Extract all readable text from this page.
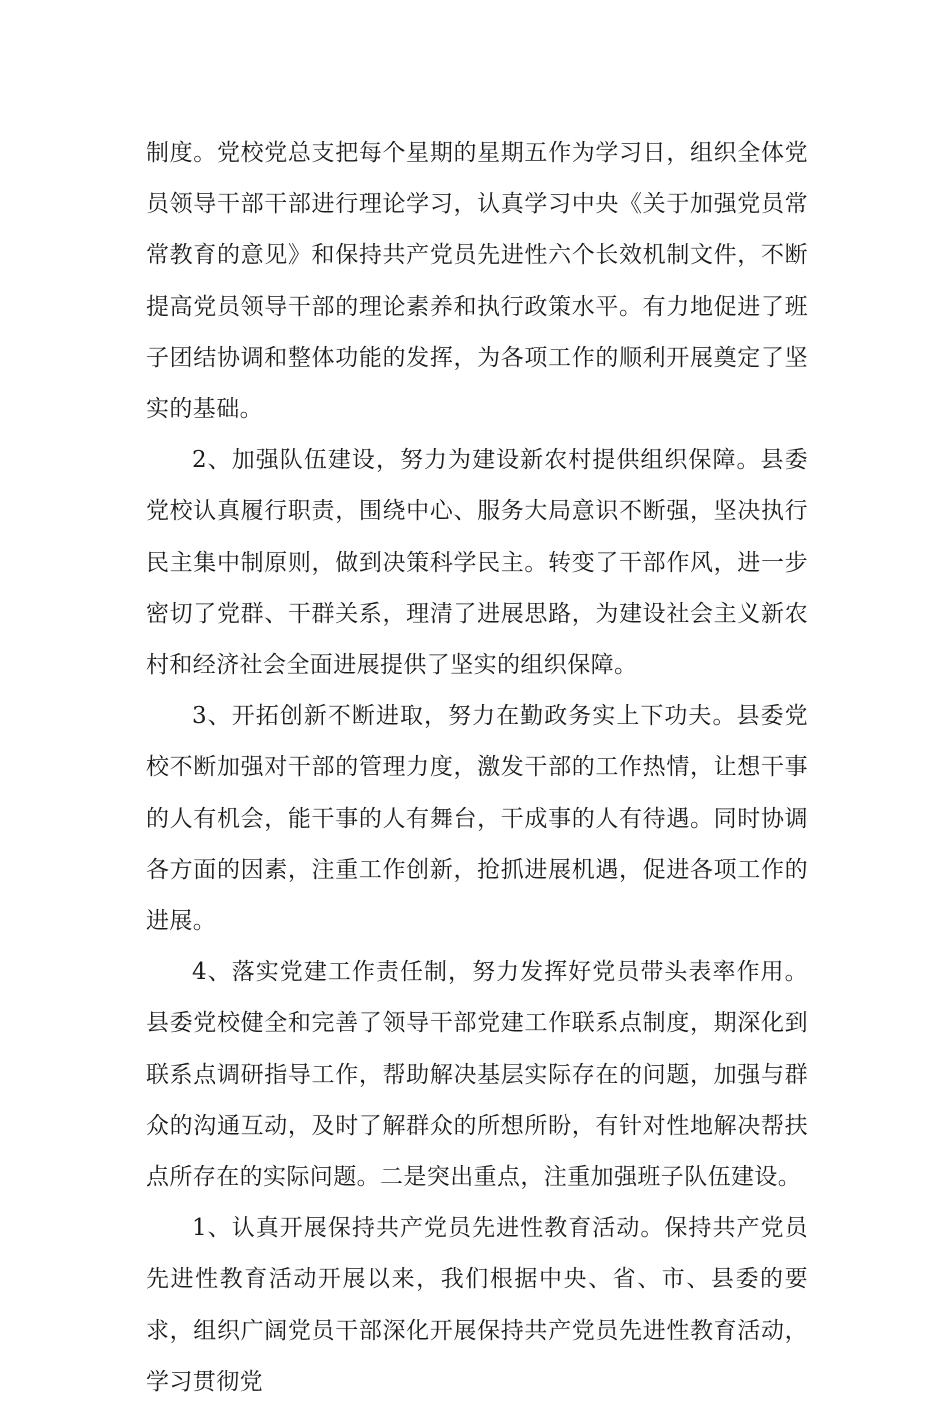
制度。党校党总支把每个星期的星期五作为学习日，组织全体党员领导干部干部进行理论学习，认真学习中央《关于加强党员常常教育的意见》和保持共产党员先进性六个长效机制文件，不断提高党员领导干部的理论素养和执行政策水平。有力地促进了班子团结协调和整体功能的发挥，为各项工作的顺利开展奠定了坚实的基础。

2、加强队伍建设，努力为建设新农村提供组织保障。县委党校认真履行职责，围绕中心、服务大局意识不断强，坚决执行民主集中制原则，做到决策科学民主。转变了干部作风，进一步密切了党群、干群关系，理清了进展思路，为建设社会主义新农村和经济社会全面进展提供了坚实的组织保障。

3、开拓创新不断进取，努力在勤政务实上下功夫。县委党校不断加强对干部的管理力度，激发干部的工作热情，让想干事的人有机会，能干事的人有舞台，干成事的人有待遇。同时协调各方面的因素，注重工作创新，抢抓进展机遇，促进各项工作的进展。

4、落实党建工作责任制，努力发挥好党员带头表率作用。县委党校健全和完善了领导干部党建工作联系点制度，期深化到联系点调研指导工作，帮助解决基层实际存在的问题，加强与群众的沟通互动，及时了解群众的所想所盼，有针对性地解决帮扶点所存在的实际问题。二是突出重点，注重加强班子队伍建设。

1、认真开展保持共产党员先进性教育活动。保持共产党员先进性教育活动开展以来，我们根据中央、省、市、县委的要求，组织广阔党员干部深化开展保持共产党员先进性教育活动，学习贯彻党
